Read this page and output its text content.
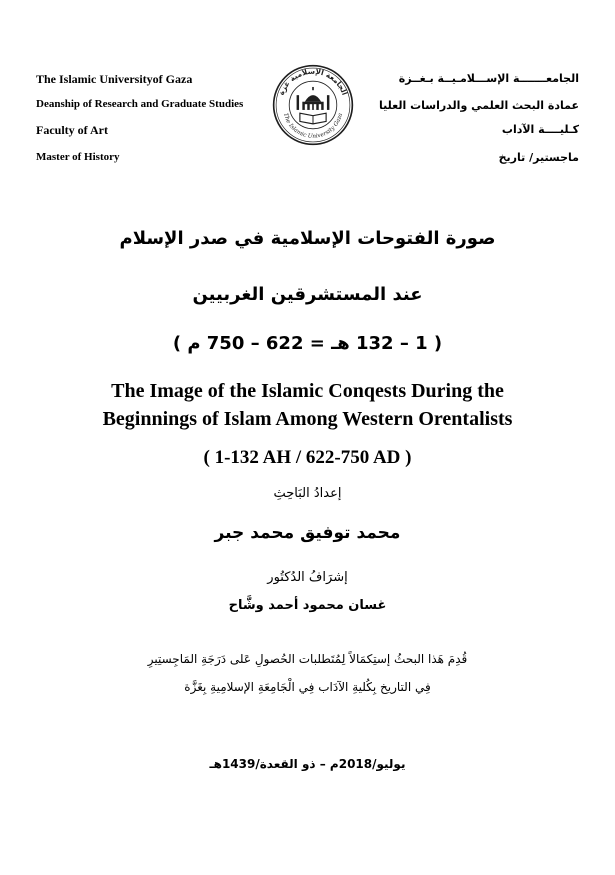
The Islamic Universityof Gaza
Deanship of Research and Graduate Studies
Faculty of Art
Master of History
الجامعـــــــة الإســـلامـيــة بـغــزة
عمادة البحث العلمي والدراسات العليا
كـليــــة الآداب
ماجستير/ تاريخ
الجامعة الإسلامية غزة
The Islamic University Gaza
صورة الفتوحات الإسلامية في صدر الإسلام
عند المستشرقين الغربيين
( 1 – 132 هـ = 622 – 750 م )
The Image of the Islamic Conqests During the
Beginnings of Islam Among Western Orentalists
( 1-132 AH / 622-750 AD )
إعدادُ البَاحِثِ
محمد توفيق محمد جبر
إشرَافُ الدُكتُور
غسان محمود أحمد وشَّاح
قُدِمَ هَذا البحثُ إستِكمَالاً لِمُتَطلبات الحُصولِ عَلى دَرَجَةِ المَاجِستِيرِ
فِي التاريخ بِكُليةِ الآدَاب فِي الْجَامِعَةِ الإسلامِيةِ بِغَزَّة
يوليو/2018م – ذو القعدة/1439هـ
